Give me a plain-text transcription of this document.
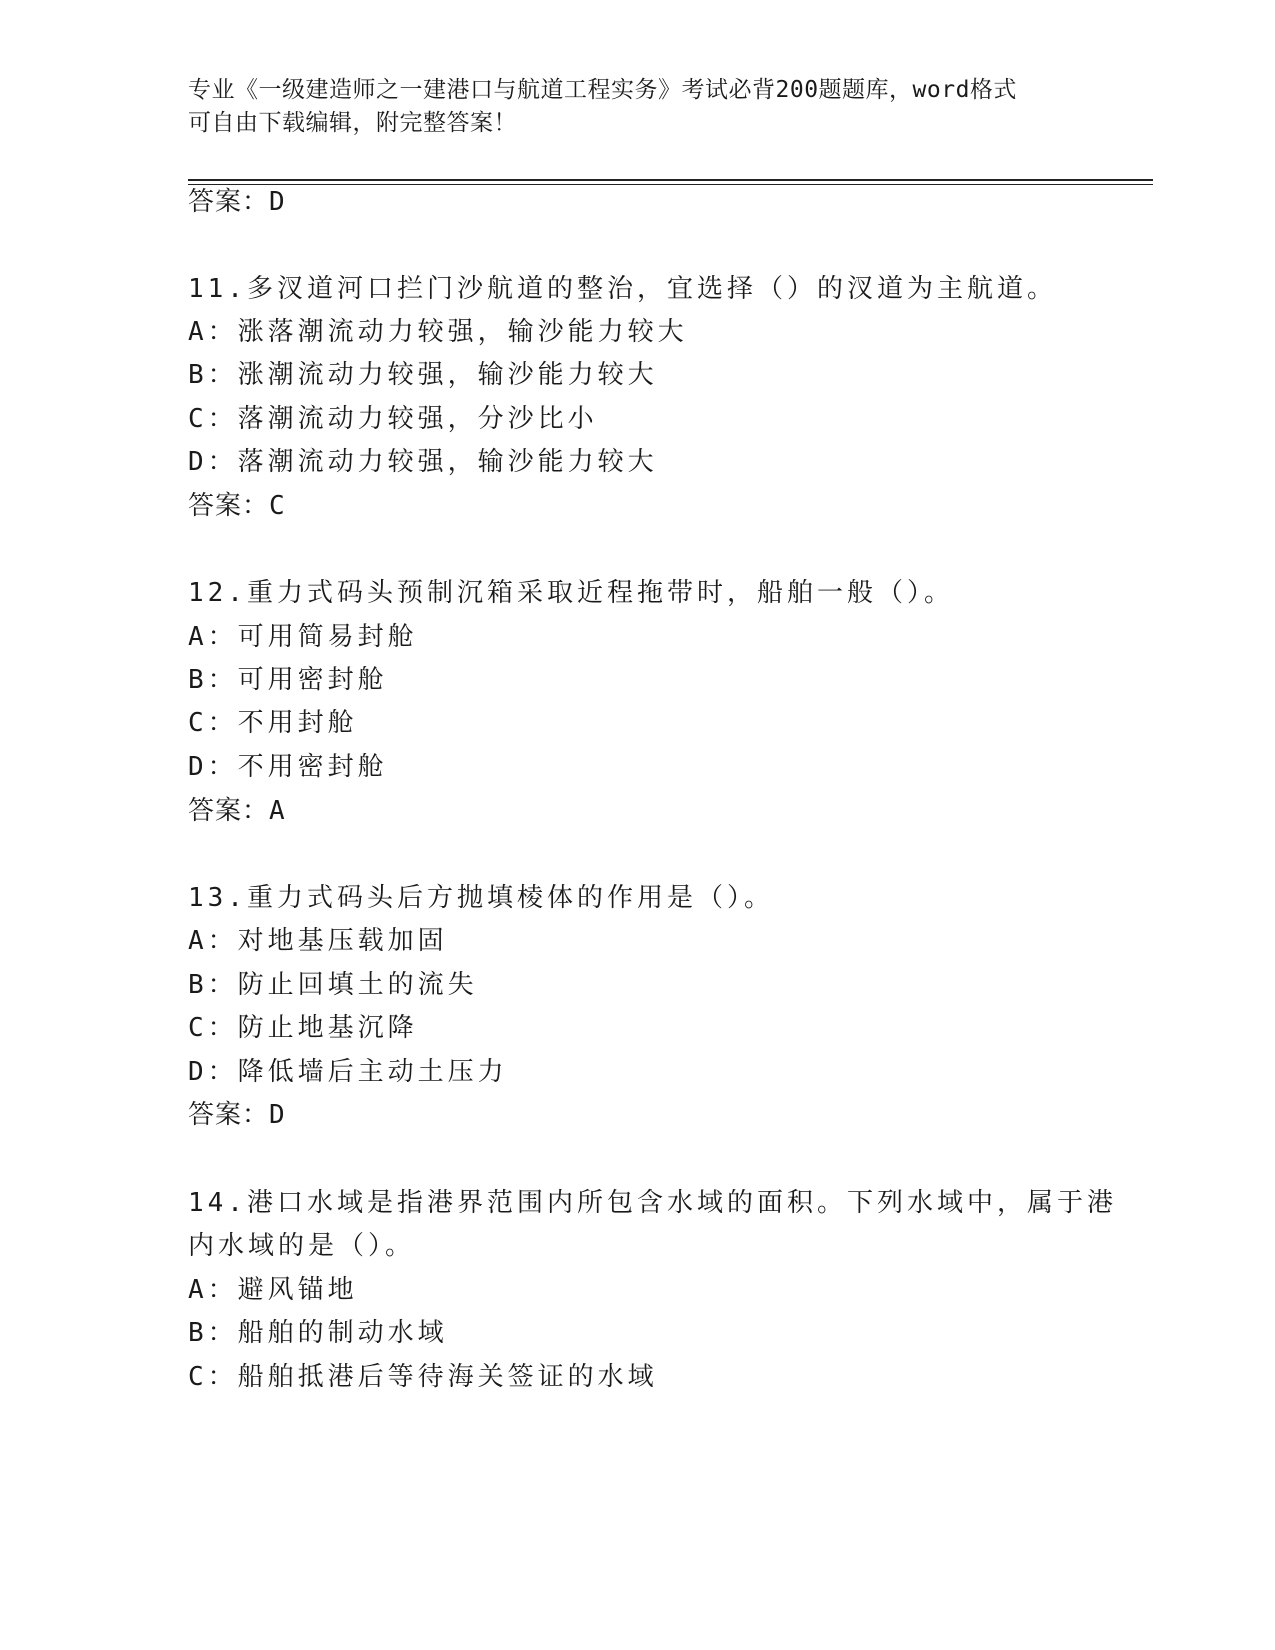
专业《一级建造师之一建港口与航道工程实务》考试必背200题题库，word格式
可自由下载编辑，附完整答案！
答案：D
11.多汊道河口拦门沙航道的整治，宜选择（）的汊道为主航道。
A：涨落潮流动力较强，输沙能力较大
B：涨潮流动力较强，输沙能力较大
C：落潮流动力较强，分沙比小
D：落潮流动力较强，输沙能力较大
答案：C
12.重力式码头预制沉箱采取近程拖带时，船舶一般（）。
A：可用简易封舱
B：可用密封舱
C：不用封舱
D：不用密封舱
答案：A
13.重力式码头后方抛填棱体的作用是（）。
A：对地基压载加固
B：防止回填土的流失
C：防止地基沉降
D：降低墙后主动土压力
答案：D
14.港口水域是指港界范围内所包含水域的面积。下列水域中，属于港
内水域的是（）。
A：避风锚地
B：船舶的制动水域
C：船舶抵港后等待海关签证的水域
